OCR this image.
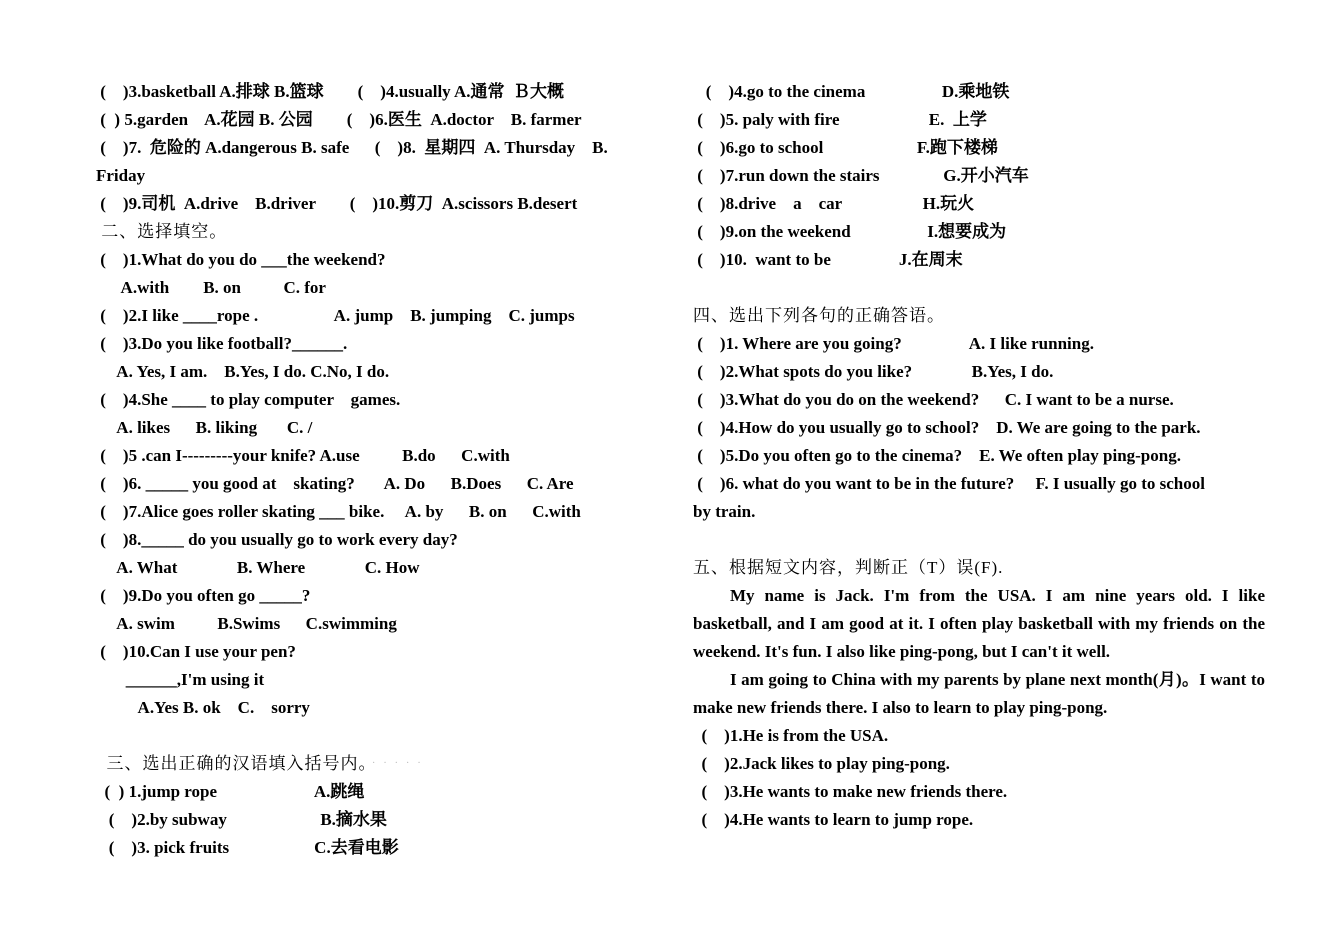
(    )3.basketball A.排球 B.篮球        (    )4.usually A.通常  Ｂ大概
(  ) 5.garden    A.花园 B. 公园        (    )6.医生  A.doctor    B. farmer
(    )7.  危险的 A.dangerous B. safe      (    )8.  星期四  A. Thursday    B.
Friday
(    )9.司机  A.drive    B.driver        (    )10.剪刀  A.scissors B.desert
二、选择填空。
(    )1.What do you do ___the weekend?
A.with        B. on          C. for
(    )2.I like ____rope .                  A. jump    B. jumping    C. jumps
(    )3.Do you like football?______.
A. Yes, I am.    B.Yes, I do. C.No, I do.
(    )4.She ____ to play computer    games.
A. likes      B. liking       C. /
(    )5 .can I---------your knife? A.use          B.do      C.with
(    )6. _____ you good at    skating?       A. Do      B.Does      C. Are
(    )7.Alice goes roller skating ___ bike.     A. by      B. on      C.with
(    )8._____ do you usually go to work every day?
A. What              B. Where              C. How
(    )9.Do you often go _____?
A. swim          B.Swims      C.swimming
(    )10.Can I use your pen?
______,I'm using it
A.Yes B. ok    C.    sorry
三、选出正确的汉语填入括号内。
·····
(  ) 1.jump rope                       A.跳绳
(    )2.by subway                      B.摘水果
(    )3. pick fruits                    C.去看电影
(    )4.go to the cinema                  D.乘地铁
(    )5. paly with fire                     E.  上学
(    )6.go to school                      F.跑下楼梯
(    )7.run down the stairs               G.开小汽车
(    )8.drive    a    car                   H.玩火
(    )9.on the weekend                  I.想要成为
(    )10.  want to be                J.在周末
四、选出下列各句的正确答语。
(    )1. Where are you going?                A. I like running.
(    )2.What spots do you like?              B.Yes, I do.
(    )3.What do you do on the weekend?      C. I want to be a nurse.
(    )4.How do you usually go to school?    D. We are going to the park.
(    )5.Do you often go to the cinema?    E. We often play ping-pong.
(    )6. what do you want to be in the future?     F. I usually go to school
by train.
五、根据短文内容，判断正（T）误(F).
My name is Jack. I'm from the USA. I am nine years old. I like basketball, and I am good at it. I often play basketball with my friends on the weekend. It's fun. I also like ping-pong, but I can't it well.
I am going to China with my parents by plane next month(月)。I want to make new friends there. I also to learn to play ping-pong.
(    )1.He is from the USA.
(    )2.Jack likes to play ping-pong.
(    )3.He wants to make new friends there.
(    )4.He wants to learn to jump rope.
